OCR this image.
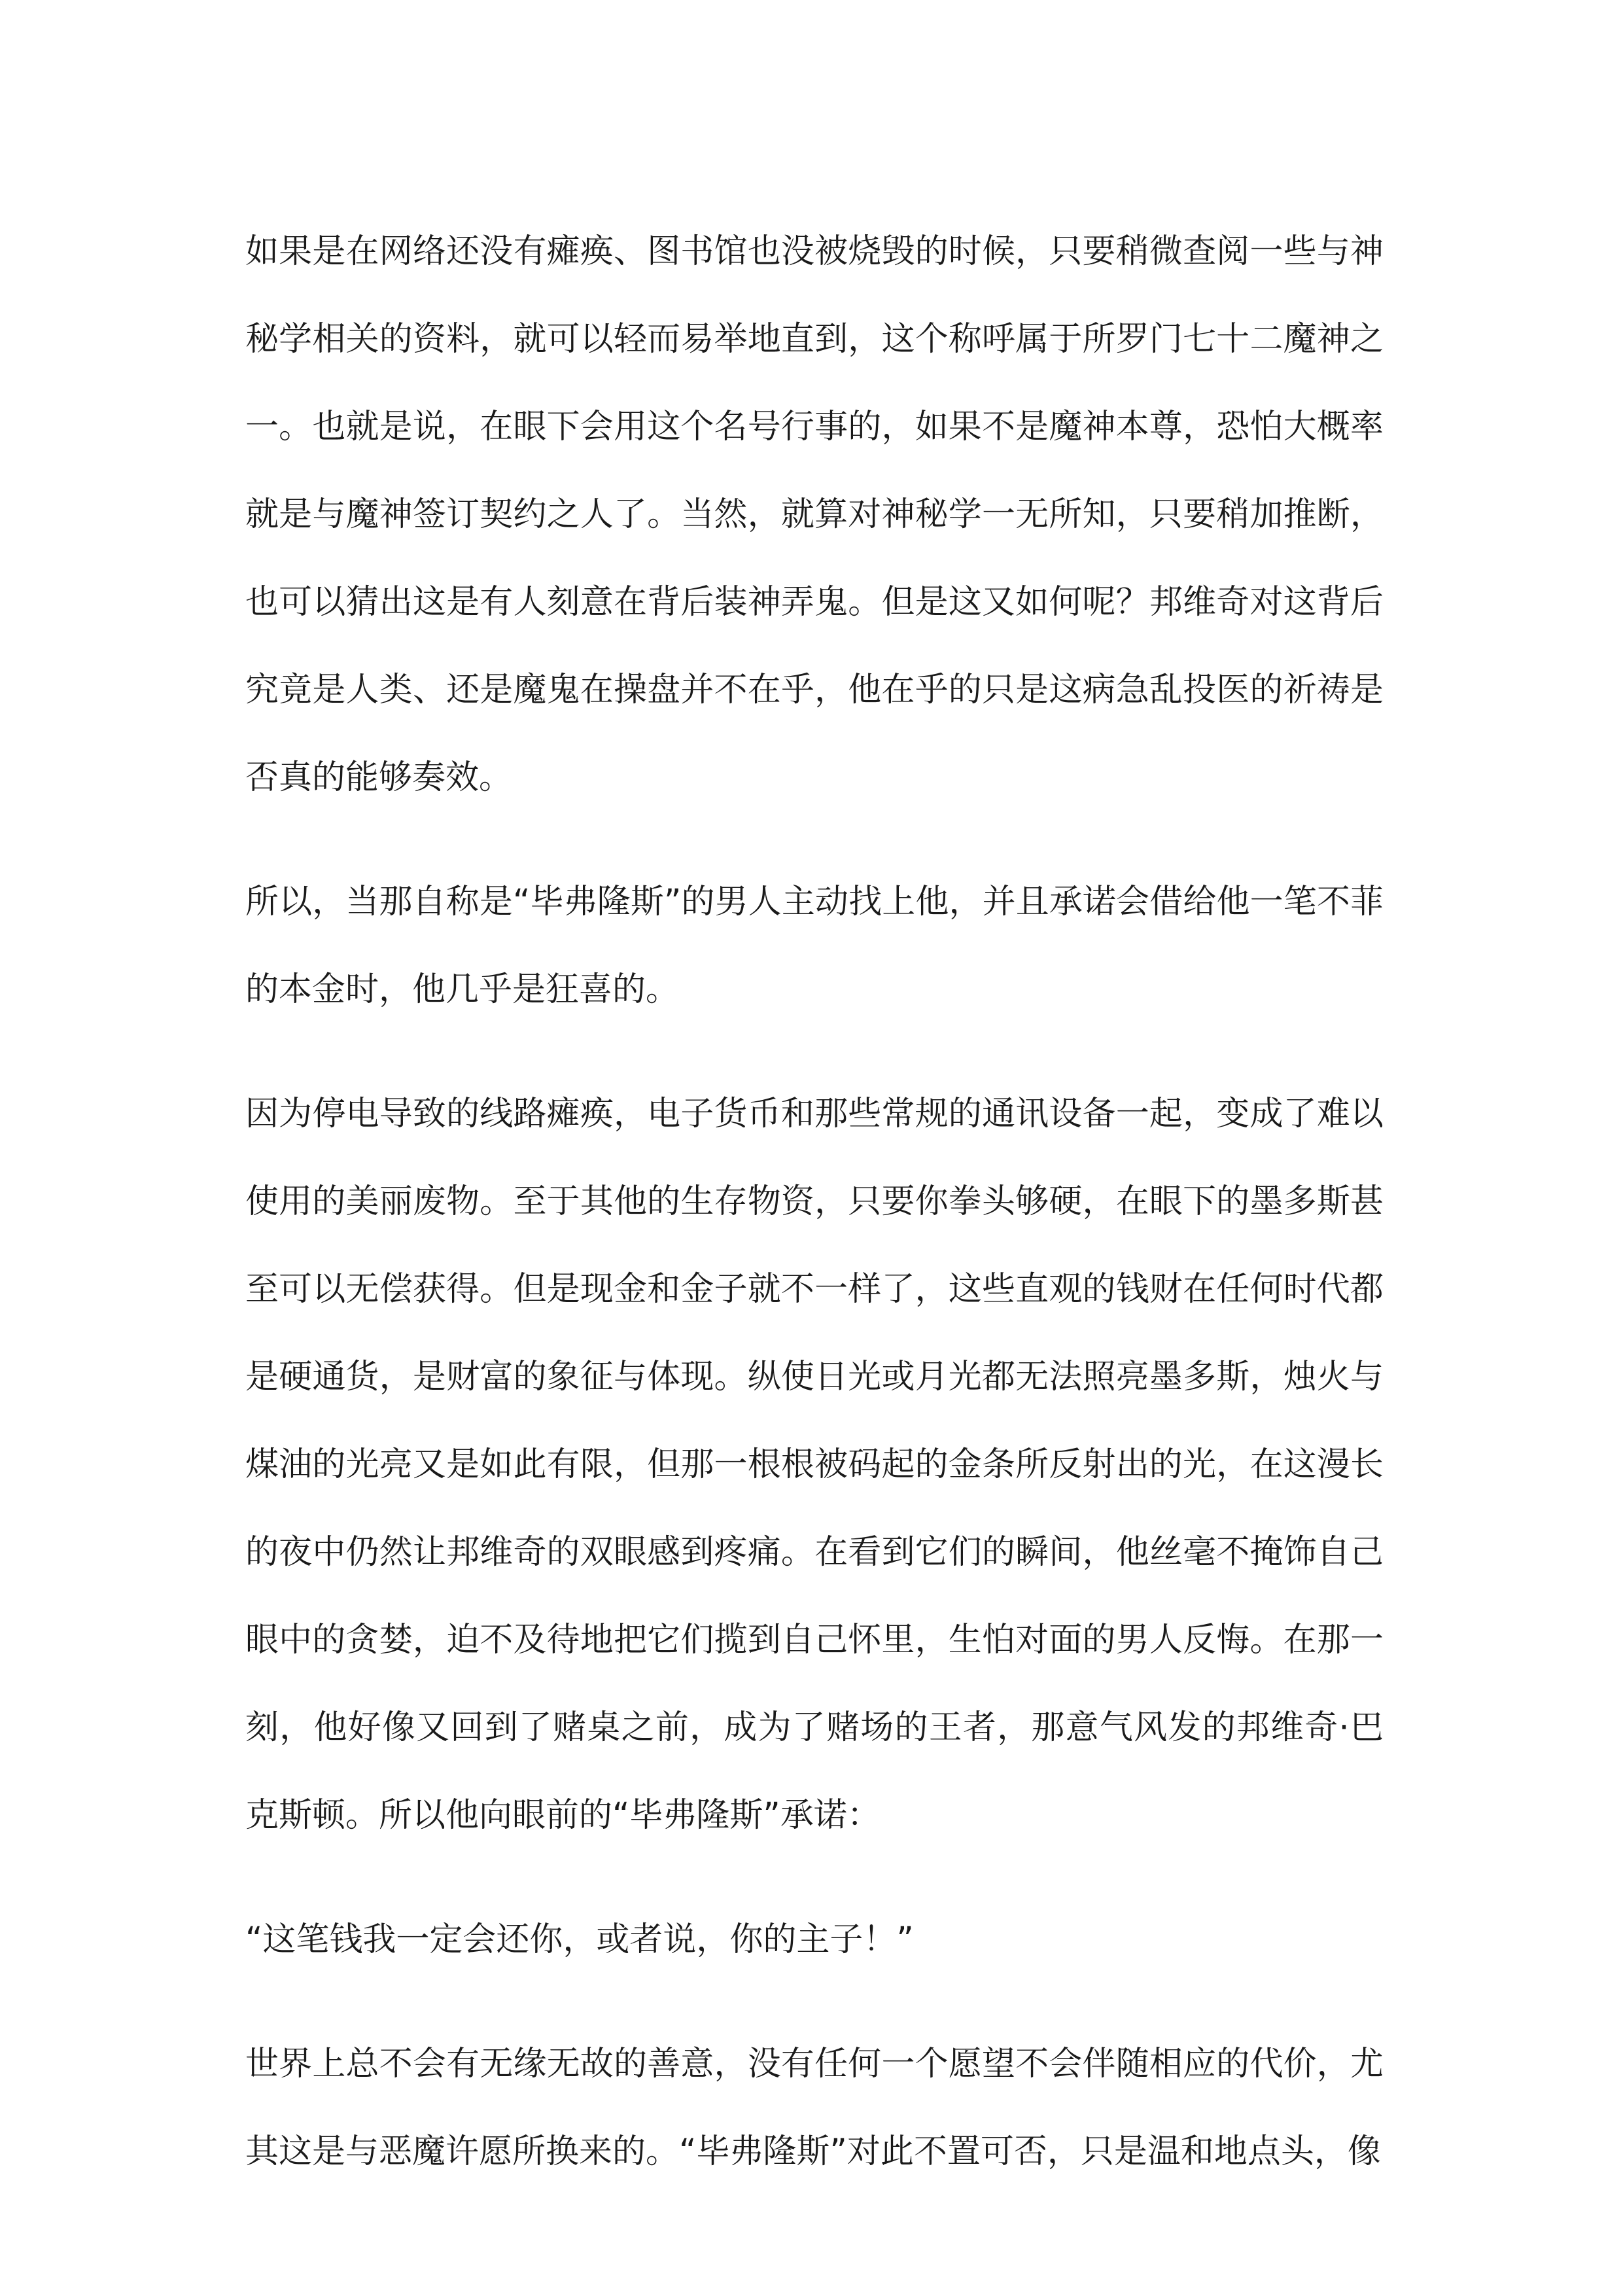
如果是在网络还没有瘫痪、图书馆也没被烧毁的时候，只要稍微查阅一些与神秘学相关的资料，就可以轻而易举地直到，这个称呼属于所罗门七十二魔神之一。也就是说，在眼下会用这个名号行事的，如果不是魔神本尊，恐怕大概率就是与魔神签订契约之人了。当然，就算对神秘学一无所知，只要稍加推断，也可以猜出这是有人刻意在背后装神弄鬼。但是这又如何呢？邦维奇对这背后究竟是人类、还是魔鬼在操盘并不在乎，他在乎的只是这病急乱投医的祈祷是否真的能够奏效。

所以，当那自称是“毕弗隆斯”的男人主动找上他，并且承诺会借给他一笔不菲的本金时，他几乎是狂喜的。

因为停电导致的线路瘫痪，电子货币和那些常规的通讯设备一起，变成了难以使用的美丽废物。至于其他的生存物资，只要你拳头够硬，在眼下的墨多斯甚至可以无偿获得。但是现金和金子就不一样了，这些直观的钱财在任何时代都是硬通货，是财富的象征与体现。纵使日光或月光都无法照亮墨多斯，烛火与煤油的光亮又是如此有限，但那一根根被码起的金条所反射出的光，在这漫长的夜中仍然让邦维奇的双眼感到疼痛。在看到它们的瞬间，他丝毫不掩饰自己眼中的贪婪，迫不及待地把它们揽到自己怀里，生怕对面的男人反悔。在那一刻，他好像又回到了赌桌之前，成为了赌场的王者，那意气风发的邦维奇·巴克斯顿。所以他向眼前的“毕弗隆斯”承诺：

“这笔钱我一定会还你，或者说，你的主子！”

世界上总不会有无缘无故的善意，没有任何一个愿望不会伴随相应的代价，尤其这是与恶魔许愿所换来的。“毕弗隆斯”对此不置可否，只是温和地点头，像
